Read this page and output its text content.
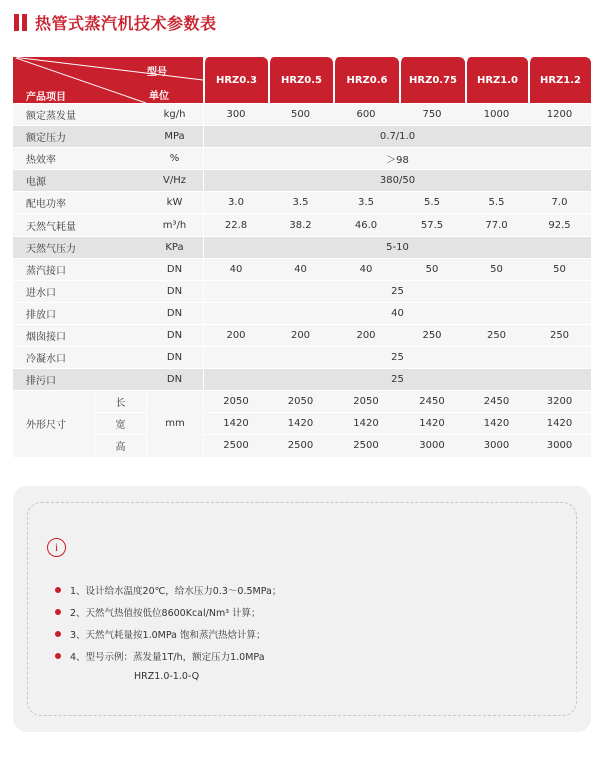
热管式蒸汽机技术参数表
型号
单位
产品项目			HRZ0.3	HRZ0.5	HRZ0.6	HRZ0.75	HRZ1.0	HRZ1.2
额定蒸发量		kg/h	300	500	600	750	1000	1200
额定压力		MPa	0.7/1.0					
热效率		%	＞98					
电源		V/Hz	380/50					
配电功率		kW	3.0	3.5	3.5	5.5	5.5	7.0
天然气耗量		m³/h	22.8	38.2	46.0	57.5	77.0	92.5
天然气压力		KPa	5-10					
蒸汽接口		DN	40	40	40	50	50	50
进水口		DN	25					
排放口		DN	40					
烟囱接口		DN	200	200	200	250	250	250
冷凝水口		DN	25					
排污口		DN	25					
外形尺寸	长	mm	2050	2050	2050	2450	2450	3200
	宽		1420	1420	1420	1420	1420	1420
	高		2500	2500	2500	3000	3000	3000
i
1、设计给水温度20℃，给水压力0.3～0.5MPa；
2、天然气热值按低位8600Kcal/Nm³ 计算；
3、天然气耗量按1.0MPa 饱和蒸汽热焓计算；
4、型号示例：蒸发量1T/h，额定压力1.0MPa
HRZ1.0-1.0-Q
